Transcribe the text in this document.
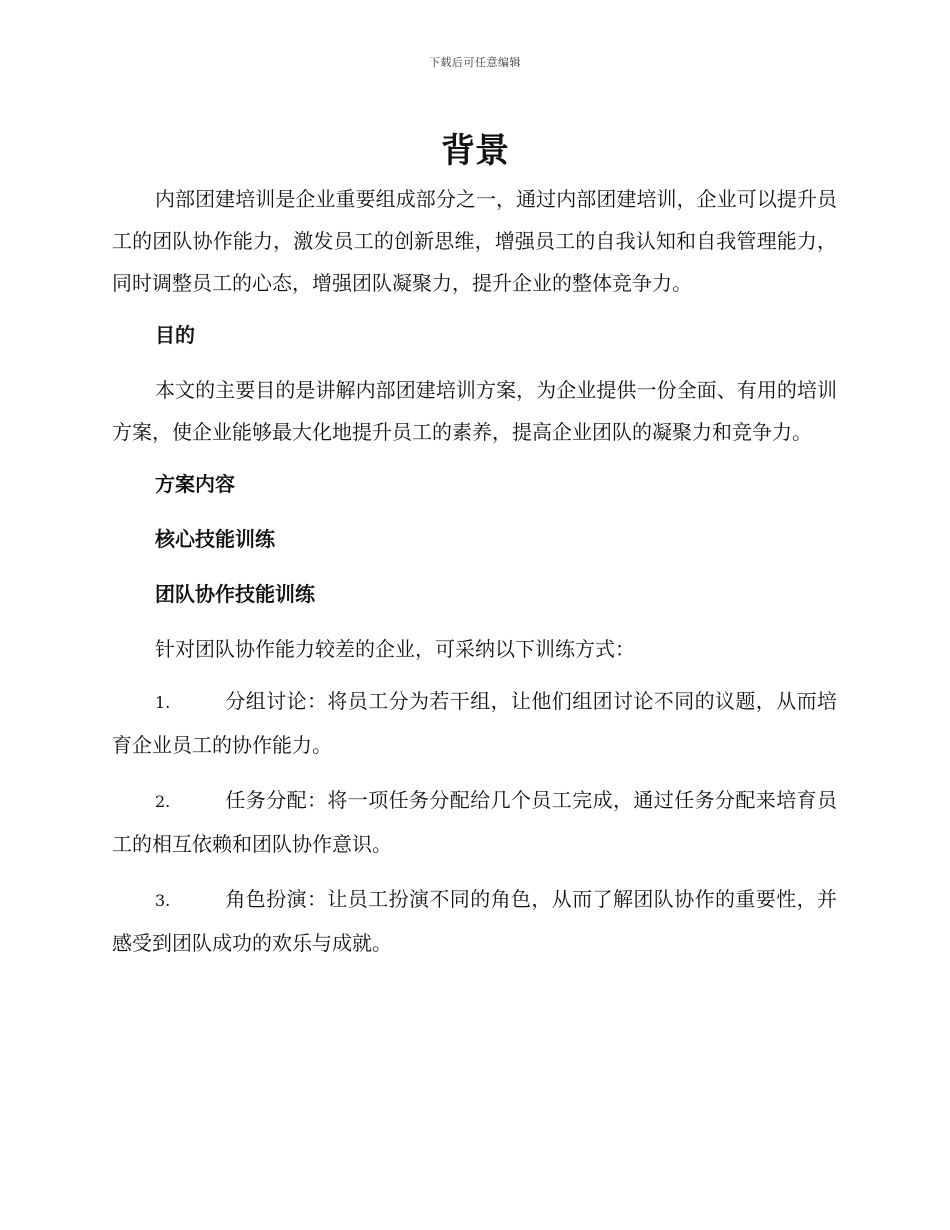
下载后可任意编辑
背景

内部团建培训是企业重要组成部分之一，通过内部团建培训，企业可以提升员工的团队协作能力，激发员工的创新思维，增强员工的自我认知和自我管理能力，同时调整员工的心态，增强团队凝聚力，提升企业的整体竞争力。

目的

本文的主要目的是讲解内部团建培训方案，为企业提供一份全面、有用的培训方案，使企业能够最大化地提升员工的素养，提高企业团队的凝聚力和竞争力。

方案内容

核心技能训练

团队协作技能训练

针对团队协作能力较差的企业，可采纳以下训练方式：

1.	分组讨论：将员工分为若干组，让他们组团讨论不同的议题，从而培育企业员工的协作能力。

2.	任务分配：将一项任务分配给几个员工完成，通过任务分配来培育员工的相互依赖和团队协作意识。

3.	角色扮演：让员工扮演不同的角色，从而了解团队协作的重要性，并感受到团队成功的欢乐与成就。
